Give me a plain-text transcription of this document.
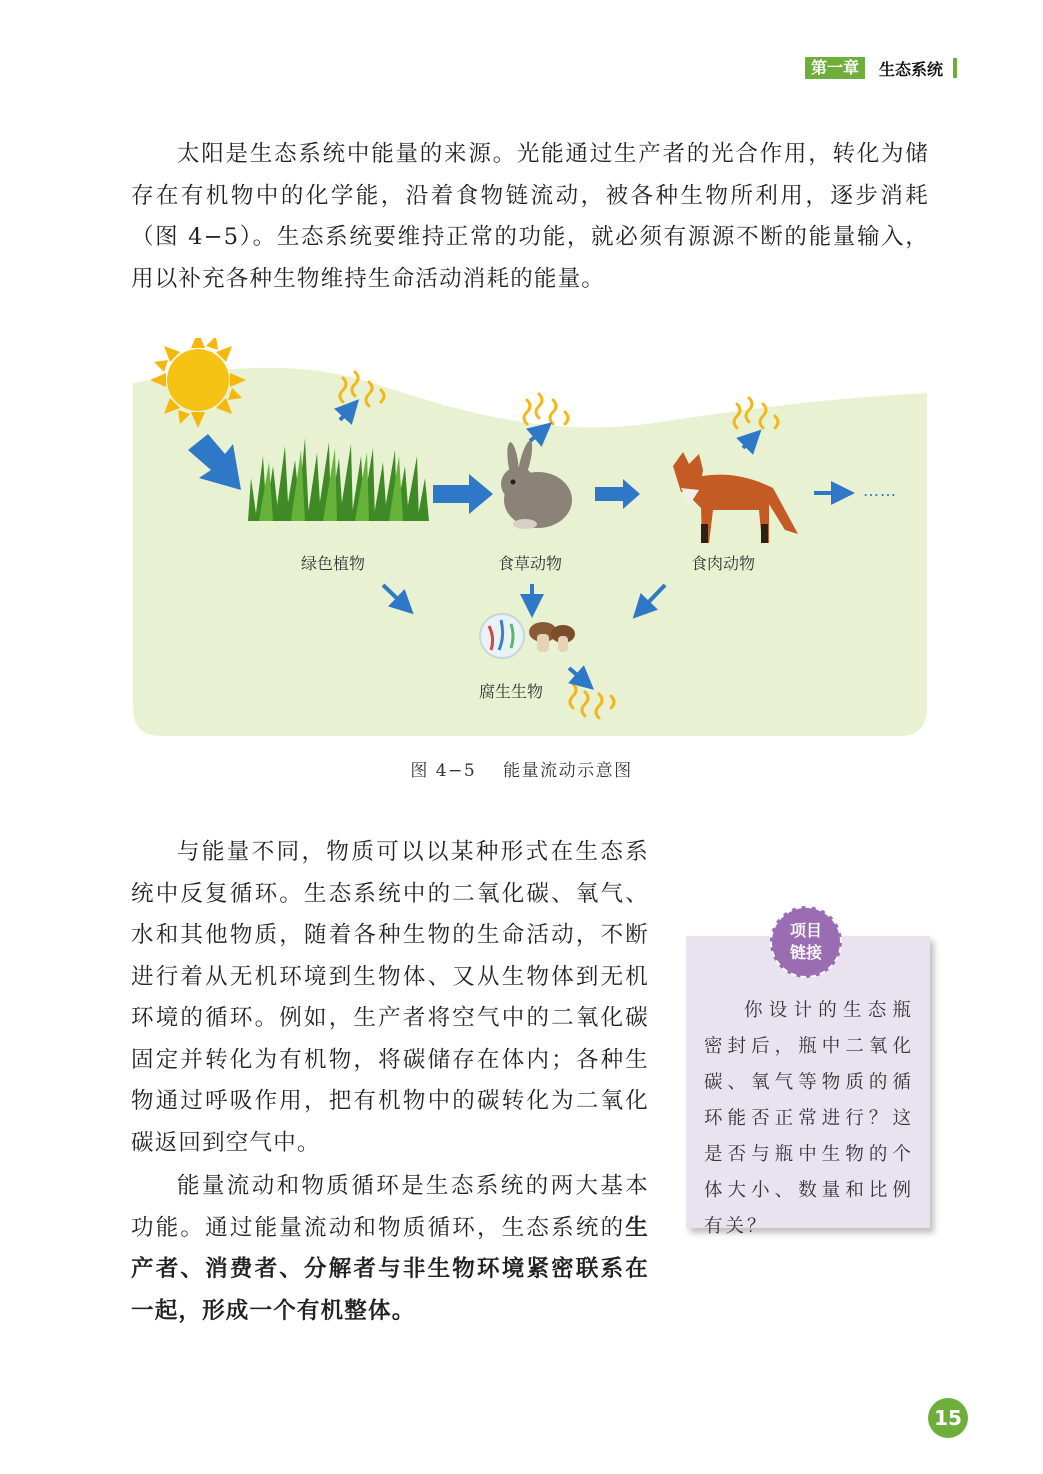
第一章	生态系统

太阳是生态系统中能量的来源。光能通过生产者的光合作用，转化为储存在有机物中的化学能，沿着食物链流动，被各种生物所利用，逐步消耗（图 4−5）。生态系统要维持正常的功能，就必须有源源不断的能量输入，用以补充各种生物维持生命活动消耗的能量。

绿色植物	食草动物	食肉动物
腐生生物
……
图 4−5 能量流动示意图

与能量不同，物质可以以某种形式在生态系统中反复循环。生态系统中的二氧化碳、氧气、水和其他物质，随着各种生物的生命活动，不断进行着从无机环境到生物体、又从生物体到无机环境的循环。例如，生产者将空气中的二氧化碳固定并转化为有机物，将碳储存在体内；各种生物通过呼吸作用，把有机物中的碳转化为二氧化碳返回到空气中。

能量流动和物质循环是生态系统的两大基本功能。通过能量流动和物质循环，生态系统的生产者、消费者、分解者与非生物环境紧密联系在一起，形成一个有机整体。

项目
链接

你设计的生态瓶密封后，瓶中二氧化碳、氧气等物质的循环能否正常进行？这是否与瓶中生物的个体大小、数量和比例有关？

15
